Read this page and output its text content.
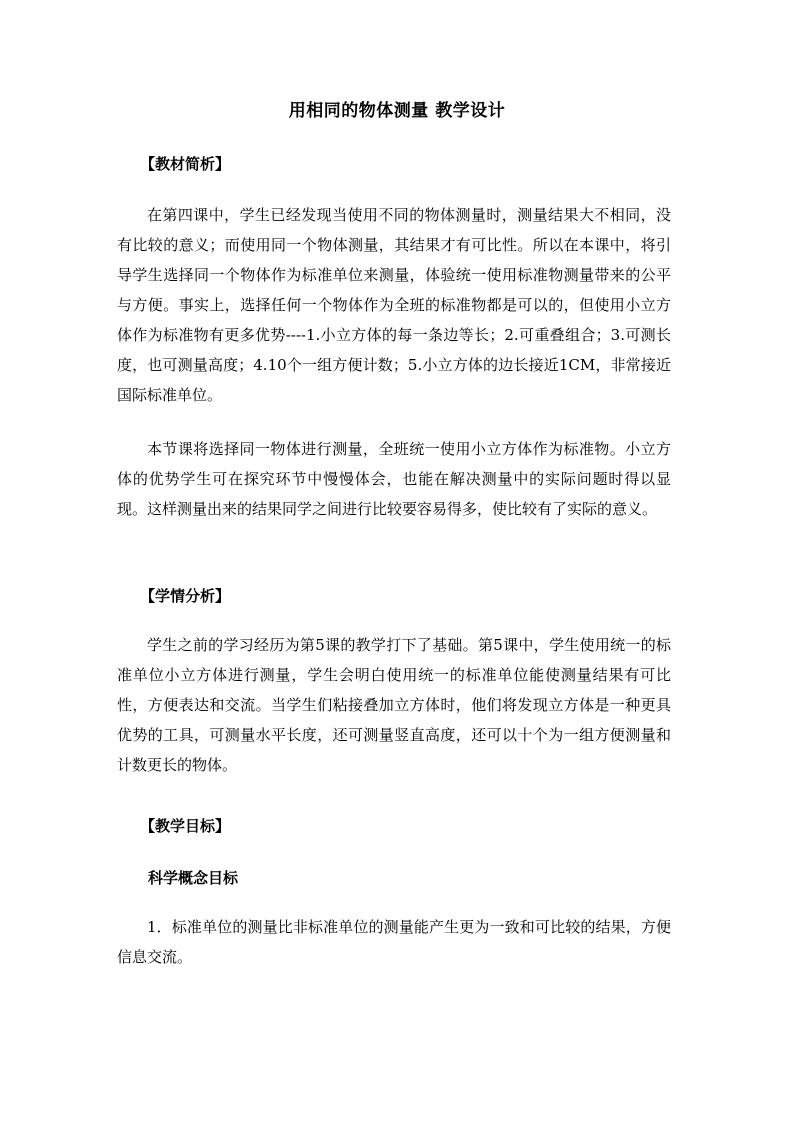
用相同的物体测量 教学设计
【教材简析】

在第四课中，学生已经发现当使用不同的物体测量时，测量结果大不相同，没有比较的意义；而使用同一个物体测量，其结果才有可比性。所以在本课中，将引导学生选择同一个物体作为标准单位来测量，体验统一使用标准物测量带来的公平与方便。事实上，选择任何一个物体作为全班的标准物都是可以的，但使用小立方体作为标准物有更多优势----1.小立方体的每一条边等长；2.可重叠组合；3.可测长度，也可测量高度；4.10个一组方便计数；5.小立方体的边长接近1CM，非常接近国际标准单位。

本节课将选择同一物体进行测量，全班统一使用小立方体作为标准物。小立方体的优势学生可在探究环节中慢慢体会，也能在解决测量中的实际问题时得以显现。这样测量出来的结果同学之间进行比较要容易得多，使比较有了实际的意义。

【学情分析】

学生之前的学习经历为第5课的教学打下了基础。第5课中，学生使用统一的标准单位小立方体进行测量，学生会明白使用统一的标准单位能使测量结果有可比性，方便表达和交流。当学生们粘接叠加立方体时，他们将发现立方体是一种更具优势的工具，可测量水平长度，还可测量竖直高度，还可以十个为一组方便测量和计数更长的物体。

【教学目标】
科学概念目标

1．标准单位的测量比非标准单位的测量能产生更为一致和可比较的结果，方便信息交流。
